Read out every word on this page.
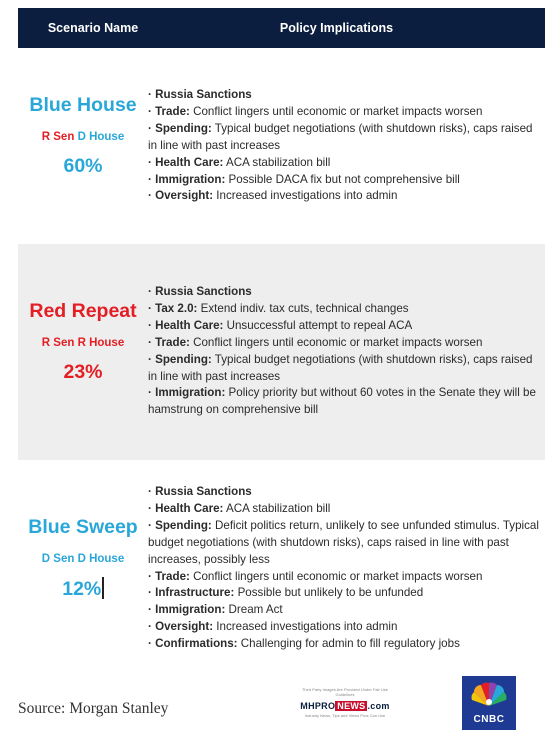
Scenario Name	Policy Implications
Blue House
R Sen D House
60%
· Russia Sanctions
· Trade: Conflict lingers until economic or market impacts worsen
· Spending: Typical budget negotiations (with shutdown risks), caps raised in line with past increases
· Health Care: ACA stabilization bill
· Immigration: Possible DACA fix but not comprehensive bill
· Oversight: Increased investigations into admin
Red Repeat
R Sen R House
23%
· Russia Sanctions
· Tax 2.0: Extend indiv. tax cuts, technical changes
· Health Care: Unsuccessful attempt to repeal ACA
· Trade: Conflict lingers until economic or market impacts worsen
· Spending: Typical budget negotiations (with shutdown risks), caps raised in line with past increases
· Immigration: Policy priority but without 60 votes in the Senate they will be hamstrung on comprehensive bill
Blue Sweep
D Sen D House
12%
· Russia Sanctions
· Health Care: ACA stabilization bill
· Spending: Deficit politics return, unlikely to see unfunded stimulus. Typical budget negotiations (with shutdown risks), caps raised in line with past increases, possibly less
· Trade: Conflict lingers until economic or market impacts worsen
· Infrastructure: Possible but unlikely to be unfunded
· Immigration: Dream Act
· Oversight: Increased investigations into admin
· Confirmations: Challenging for admin to fill regulatory jobs
Source: Morgan Stanley
Third Party Images Are Provided Under Fair Use Guidelines
MHPRO NEWS .com
Industry News, Tips and Views Pros Can Use	CNBC
